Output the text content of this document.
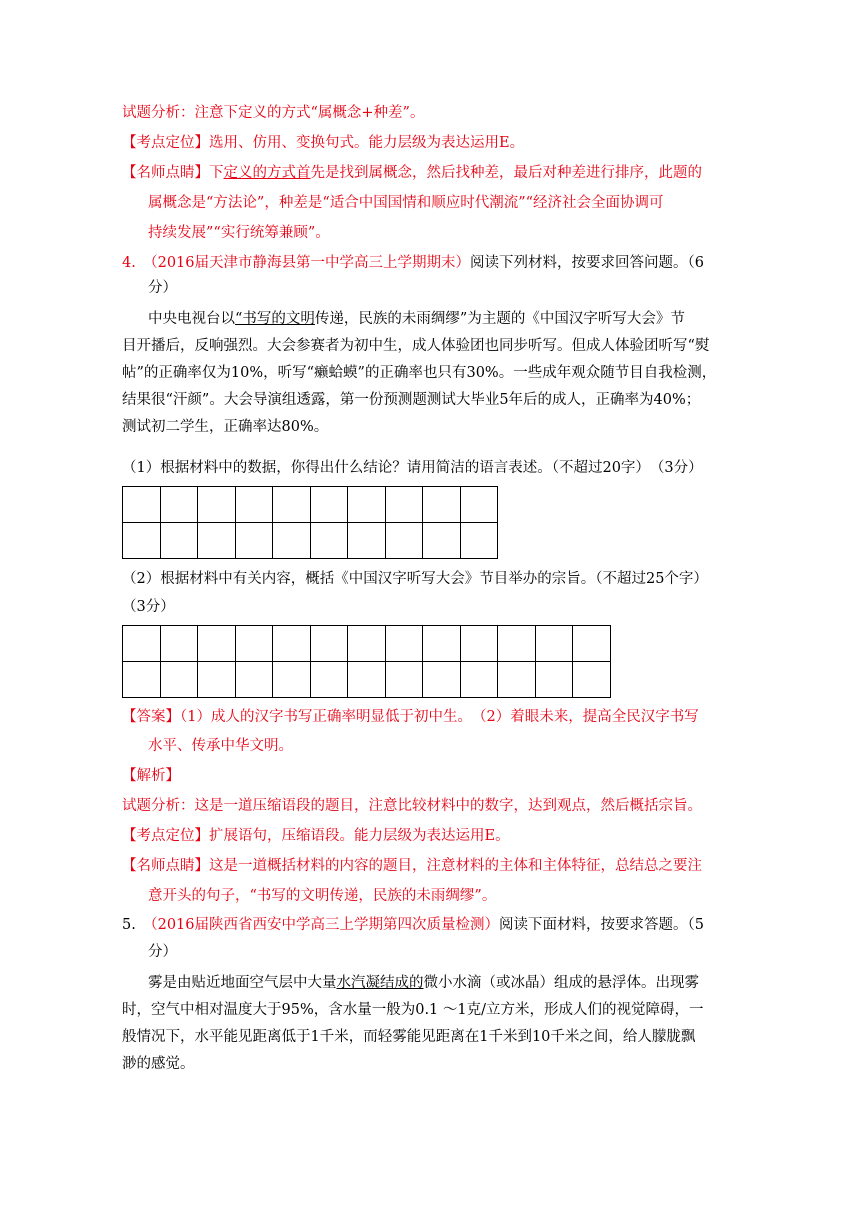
试题分析：注意下定义的方式“属概念+种差”。
【考点定位】选用、仿用、变换句式。能力层级为表达运用E。
【名师点睛】下定义的方式首先是找到属概念，然后找种差，最后对种差进行排序，此题的
属概念是“方法论”，种差是“适合中国国情和顺应时代潮流”“经济社会全面协调可
持续发展”“实行统筹兼顾”。
4.　 （2016届天津市静海县第一中学高三上学期期末）阅读下列材料，按要求回答问题。（6
分）
中央电视台以“书写的文明传递，民族的未雨绸缪”为主题的《中国汉字听写大会》节
目开播后，反响强烈。大会参赛者为初中生，成人体验团也同步听写。但成人体验团听写“熨
帖”的正确率仅为10%，听写“癞蛤蟆”的正确率也只有30%。一些成年观众随节目自我检测，
结果很“汗颜”。大会导演组透露，第一份预测题测试大毕业5年后的成人，正确率为40%；
测试初二学生，正确率达80%。
（1）根据材料中的数据，你得出什么结论？请用简洁的语言表述。（不超过20字）　（3分）

（2）根据材料中有关内容，概括《中国汉字听写大会》节目举办的宗旨。（不超过25个字）
（3分）

【答案】（1）成人的汉字书写正确率明显低于初中生。　（2）着眼未来，提高全民汉字书写
水平、传承中华文明。
【解析】
试题分析：这是一道压缩语段的题目，注意比较材料中的数字，达到观点，然后概括宗旨。
【考点定位】扩展语句，压缩语段。能力层级为表达运用E。
【名师点睛】这是一道概括材料的内容的题目，注意材料的主体和主体特征，总结总之要注
意开头的句子，“书写的文明传递，民族的未雨绸缪”。
5.　 （2016届陕西省西安中学高三上学期第四次质量检测）阅读下面材料，按要求答题。（5
分）
雾是由贴近地面空气层中大量水汽凝结成的微小水滴（或冰晶）组成的悬浮体。出现雾
时，空气中相对温度大于95%，含水量一般为0.1 ～1克/立方米，形成人们的视觉障碍，一
般情况下，水平能见距离低于1千米，而轻雾能见距离在1千米到10千米之间，给人朦胧飘
渺的感觉。
